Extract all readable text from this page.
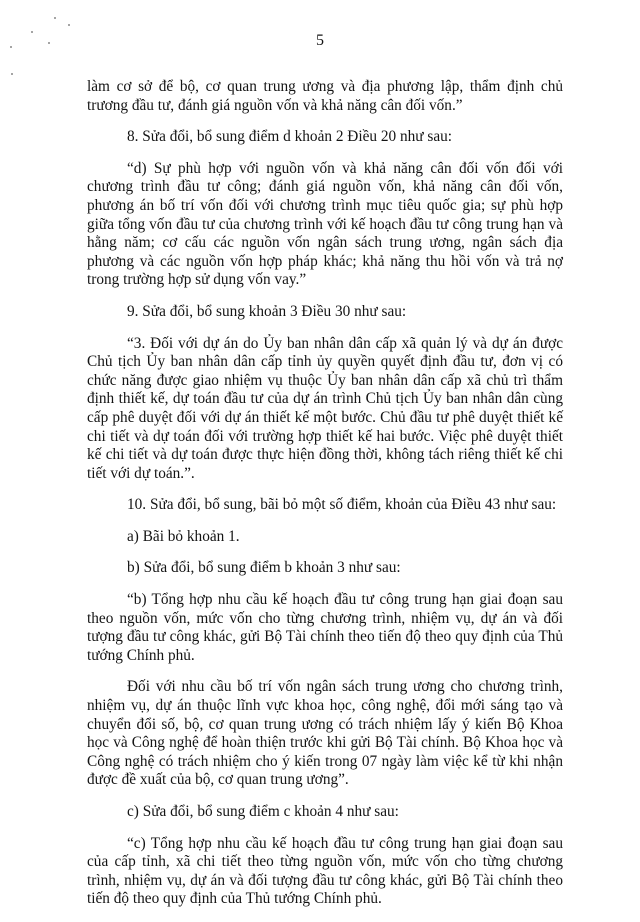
5

làm cơ sở để bộ, cơ quan trung ương và địa phương lập, thẩm định chủ trương đầu tư, đánh giá nguồn vốn và khả năng cân đối vốn.”

8. Sửa đổi, bổ sung điểm d khoản 2 Điều 20 như sau:

“d) Sự phù hợp với nguồn vốn và khả năng cân đối vốn đối với chương trình đầu tư công; đánh giá nguồn vốn, khả năng cân đối vốn, phương án bố trí vốn đối với chương trình mục tiêu quốc gia; sự phù hợp giữa tổng vốn đầu tư của chương trình với kế hoạch đầu tư công trung hạn và hằng năm; cơ cấu các nguồn vốn ngân sách trung ương, ngân sách địa phương và các nguồn vốn hợp pháp khác; khả năng thu hồi vốn và trả nợ trong trường hợp sử dụng vốn vay.”

9. Sửa đổi, bổ sung khoản 3 Điều 30 như sau:

“3. Đối với dự án do Ủy ban nhân dân cấp xã quản lý và dự án được Chủ tịch Ủy ban nhân dân cấp tỉnh ủy quyền quyết định đầu tư, đơn vị có chức năng được giao nhiệm vụ thuộc Ủy ban nhân dân cấp xã chủ trì thẩm định thiết kế, dự toán đầu tư của dự án trình Chủ tịch Ủy ban nhân dân cùng cấp phê duyệt đối với dự án thiết kế một bước. Chủ đầu tư phê duyệt thiết kế chi tiết và dự toán đối với trường hợp thiết kế hai bước. Việc phê duyệt thiết kế chi tiết và dự toán được thực hiện đồng thời, không tách riêng thiết kế chi tiết với dự toán.”.

10. Sửa đổi, bổ sung, bãi bỏ một số điểm, khoản của Điều 43 như sau:

a) Bãi bỏ khoản 1.

b) Sửa đổi, bổ sung điểm b khoản 3 như sau:

“b) Tổng hợp nhu cầu kế hoạch đầu tư công trung hạn giai đoạn sau theo nguồn vốn, mức vốn cho từng chương trình, nhiệm vụ, dự án và đối tượng đầu tư công khác, gửi Bộ Tài chính theo tiến độ theo quy định của Thủ tướng Chính phủ.

Đối với nhu cầu bố trí vốn ngân sách trung ương cho chương trình, nhiệm vụ, dự án thuộc lĩnh vực khoa học, công nghệ, đổi mới sáng tạo và chuyển đổi số, bộ, cơ quan trung ương có trách nhiệm lấy ý kiến Bộ Khoa học và Công nghệ để hoàn thiện trước khi gửi Bộ Tài chính. Bộ Khoa học và Công nghệ có trách nhiệm cho ý kiến trong 07 ngày làm việc kể từ khi nhận được đề xuất của bộ, cơ quan trung ương”.

c) Sửa đổi, bổ sung điểm c khoản 4 như sau:

“c) Tổng hợp nhu cầu kế hoạch đầu tư công trung hạn giai đoạn sau của cấp tỉnh, xã chi tiết theo từng nguồn vốn, mức vốn cho từng chương trình, nhiệm vụ, dự án và đối tượng đầu tư công khác, gửi Bộ Tài chính theo tiến độ theo quy định của Thủ tướng Chính phủ.
